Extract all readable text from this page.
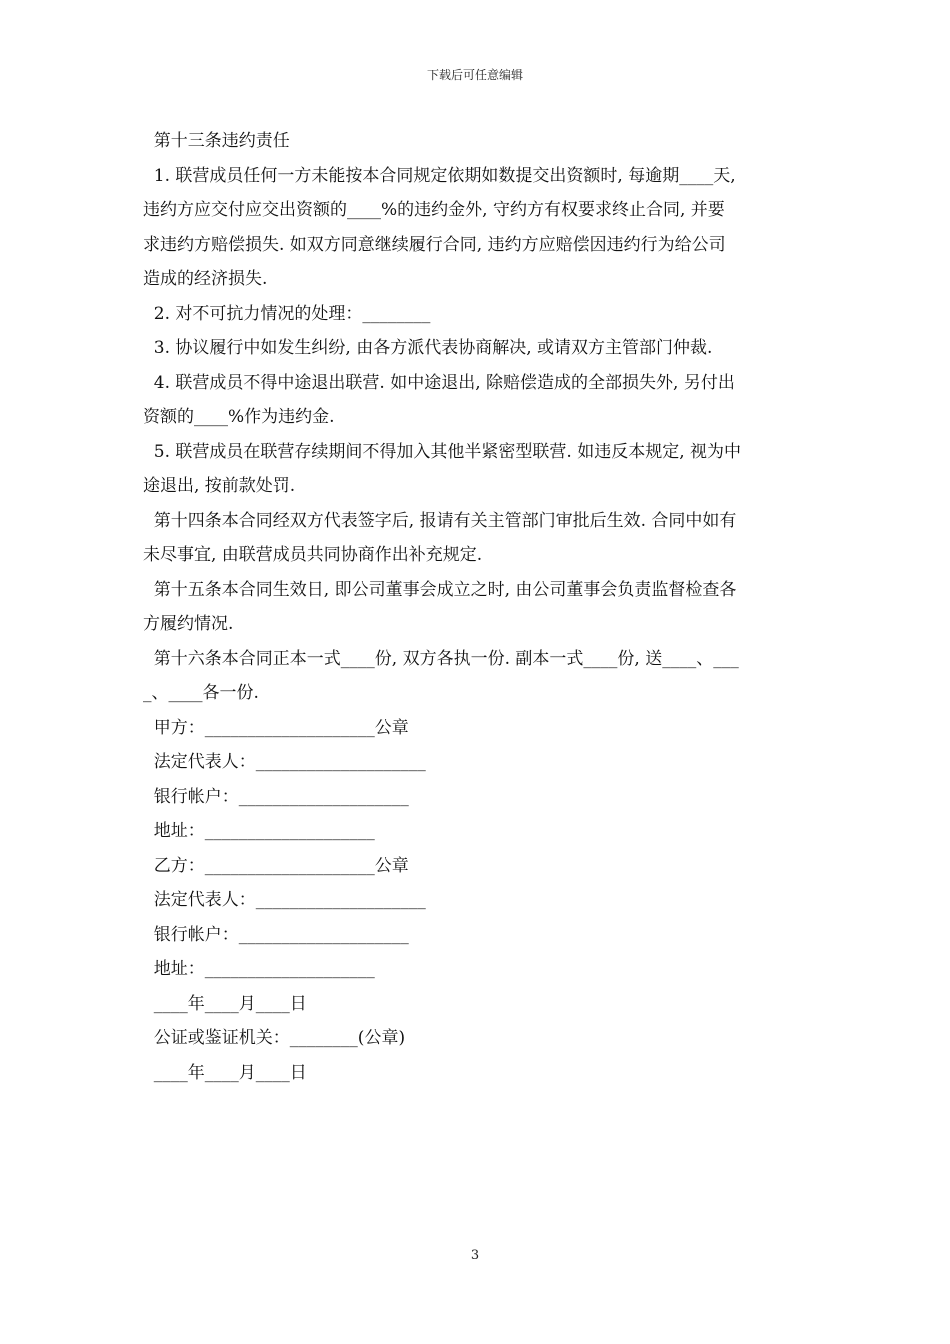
下载后可任意编辑
第十三条违约责任
1. 联营成员任何一方未能按本合同规定依期如数提交出资额时, 每逾期____天,
违约方应交付应交出资额的____%的违约金外, 守约方有权要求终止合同, 并要
求违约方赔偿损失. 如双方同意继续履行合同, 违约方应赔偿因违约行为给公司
造成的经济损失.
2. 对不可抗力情况的处理：________
3. 协议履行中如发生纠纷, 由各方派代表协商解决, 或请双方主管部门仲裁.
4. 联营成员不得中途退出联营. 如中途退出, 除赔偿造成的全部损失外, 另付出
资额的____%作为违约金.
5. 联营成员在联营存续期间不得加入其他半紧密型联营. 如违反本规定, 视为中
途退出, 按前款处罚.
第十四条本合同经双方代表签字后, 报请有关主管部门审批后生效. 合同中如有
未尽事宜, 由联营成员共同协商作出补充规定.
第十五条本合同生效日, 即公司董事会成立之时, 由公司董事会负责监督检查各
方履约情况.
第十六条本合同正本一式____份, 双方各执一份. 副本一式____份, 送____、___
_、____各一份.
甲方：____________________公章
法定代表人：____________________
银行帐户：____________________
地址：____________________
乙方：____________________公章
法定代表人：____________________
银行帐户：____________________
地址：____________________
____年____月____日
公证或鉴证机关：________(公章)
____年____月____日
3
